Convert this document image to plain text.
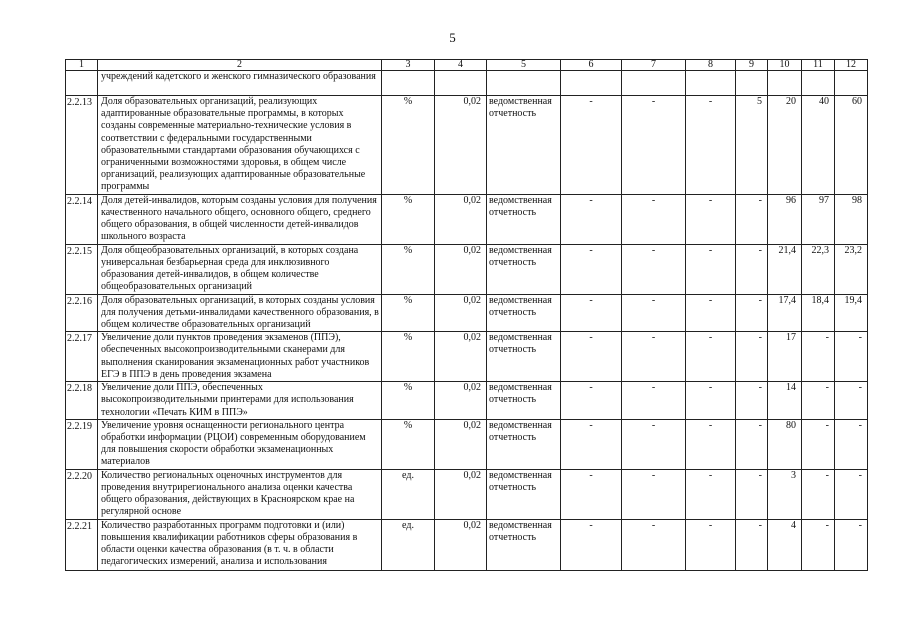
5
1	2	3	4	5	6	7	8	9	10	11	12
	учреждений кадетского и женского гимназического образования										
2.2.13	Доля образовательных организаций, реализующих адаптированные образовательные программы, в которых созданы современные материально-технические условия в соответствии с федеральными государственными образовательными стандартами образования обучающихся с ограниченными возможностями здоровья, в общем числе организаций, реализующих адаптированные образовательные программы	%	0,02	ведомственная отчетность	-	-	-	5	20	40	60
2.2.14	Доля детей-инвалидов, которым созданы условия для получения качественного начального общего, основного общего, среднего общего образования, в общей численности детей-инвалидов школьного возраста	%	0,02	ведомственная отчетность	-	-	-	-	96	97	98
2.2.15	Доля общеобразовательных организаций, в которых создана универсальная безбарьерная среда для инклюзивного образования детей-инвалидов, в общем количестве общеобразовательных организаций	%	0,02	ведомственная отчетность	-	-	-	-	21,4	22,3	23,2
2.2.16	Доля образовательных организаций, в которых созданы условия для получения детьми-инвалидами качественного образования, в общем количестве образовательных организаций	%	0,02	ведомственная отчетность	-	-	-	-	17,4	18,4	19,4
2.2.17	Увеличение доли пунктов проведения экзаменов (ППЭ), обеспеченных высокопроизводительными сканерами для выполнения сканирования экзаменационных работ участников ЕГЭ в ППЭ в день проведения экзамена	%	0,02	ведомственная отчетность	-	-	-	-	17	-	-
2.2.18	Увеличение доли ППЭ, обеспеченных высокопроизводительными принтерами для использования технологии «Печать КИМ в ППЭ»	%	0,02	ведомственная отчетность	-	-	-	-	14	-	-
2.2.19	Увеличение уровня оснащенности регионального центра обработки информации (РЦОИ) современным оборудованием для повышения скорости обработки экзаменационных материалов	%	0,02	ведомственная отчетность	-	-	-	-	80	-	-
2.2.20	Количество региональных оценочных инструментов для проведения внутрирегионального анализа оценки качества общего образования, действующих в Красноярском крае на регулярной основе	ед.	0,02	ведомственная отчетность	-	-	-	-	3	-	-
2.2.21	Количество разработанных программ подготовки и (или) повышения квалификации работников сферы образования в области оценки качества образования (в т. ч. в области педагогических измерений, анализа и использования	ед.	0,02	ведомственная отчетность	-	-	-	-	4	-	-
